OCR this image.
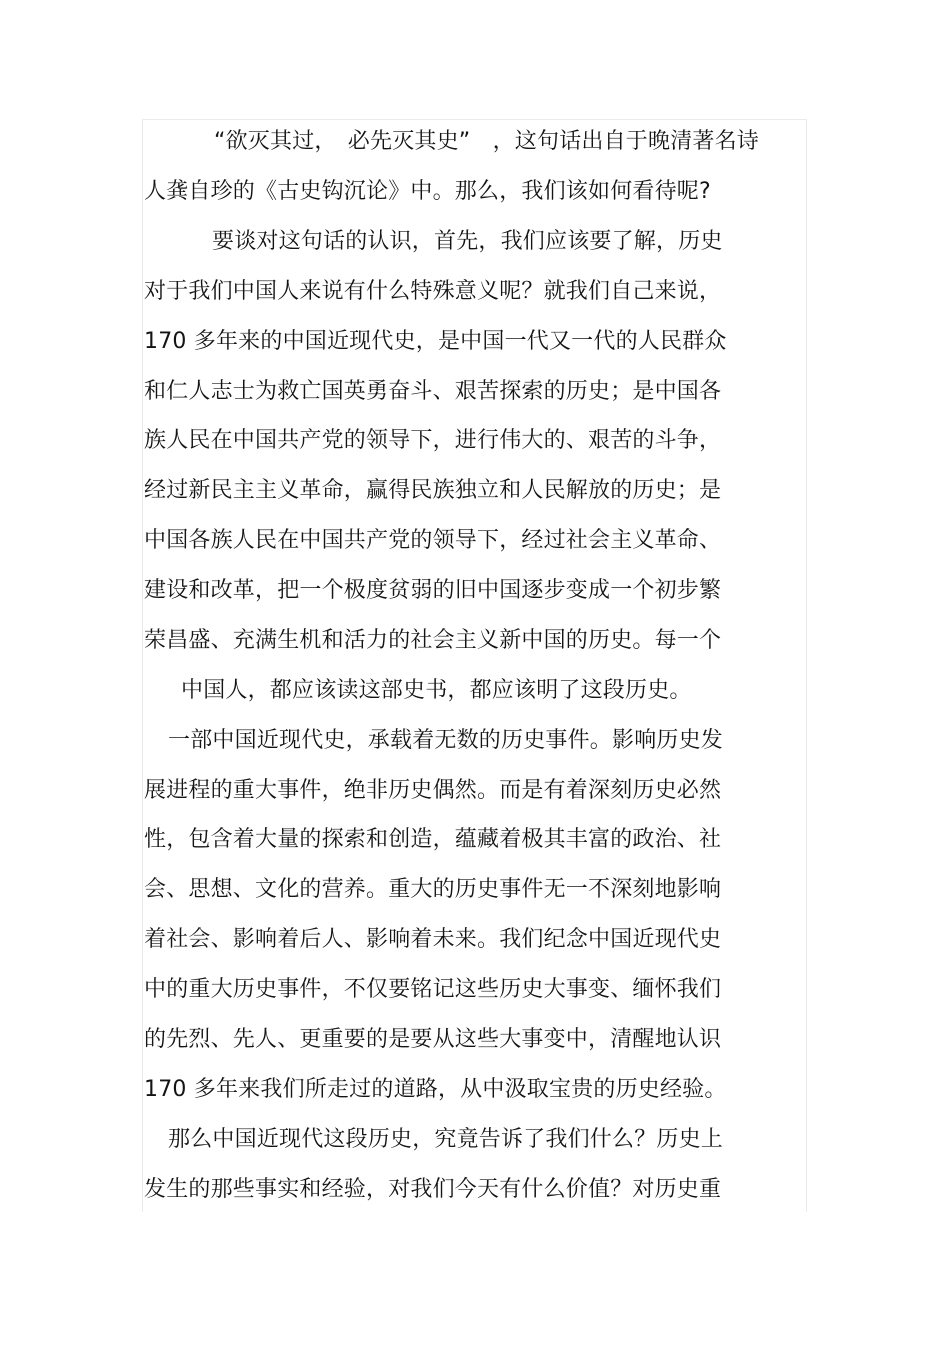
“欲灭其过，　必先灭其史”　，这句话出自于晚清著名诗
人龚自珍的《古史钩沉论》中。那么，我们该如何看待呢?
要谈对这句话的认识，首先，我们应该要了解，历史
对于我们中国人来说有什么特殊意义呢？就我们自己来说，
170 多年来的中国近现代史，是中国一代又一代的人民群众
和仁人志士为救亡国英勇奋斗、艰苦探索的历史；是中国各
族人民在中国共产党的领导下，进行伟大的、艰苦的斗争，
经过新民主主义革命，赢得民族独立和人民解放的历史；是
中国各族人民在中国共产党的领导下，经过社会主义革命、
建设和改革，把一个极度贫弱的旧中国逐步变成一个初步繁
荣昌盛、充满生机和活力的社会主义新中国的历史。每一个
中国人，都应该读这部史书，都应该明了这段历史。
一部中国近现代史，承载着无数的历史事件。影响历史发
展进程的重大事件，绝非历史偶然。而是有着深刻历史必然
性，包含着大量的探索和创造，蕴藏着极其丰富的政治、社
会、思想、文化的营养。重大的历史事件无一不深刻地影响
着社会、影响着后人、影响着未来。我们纪念中国近现代史
中的重大历史事件，不仅要铭记这些历史大事变、缅怀我们
的先烈、先人、更重要的是要从这些大事变中，清醒地认识
170 多年来我们所走过的道路，从中汲取宝贵的历史经验。
那么中国近现代这段历史，究竟告诉了我们什么？历史上
发生的那些事实和经验，对我们今天有什么价值？对历史重
